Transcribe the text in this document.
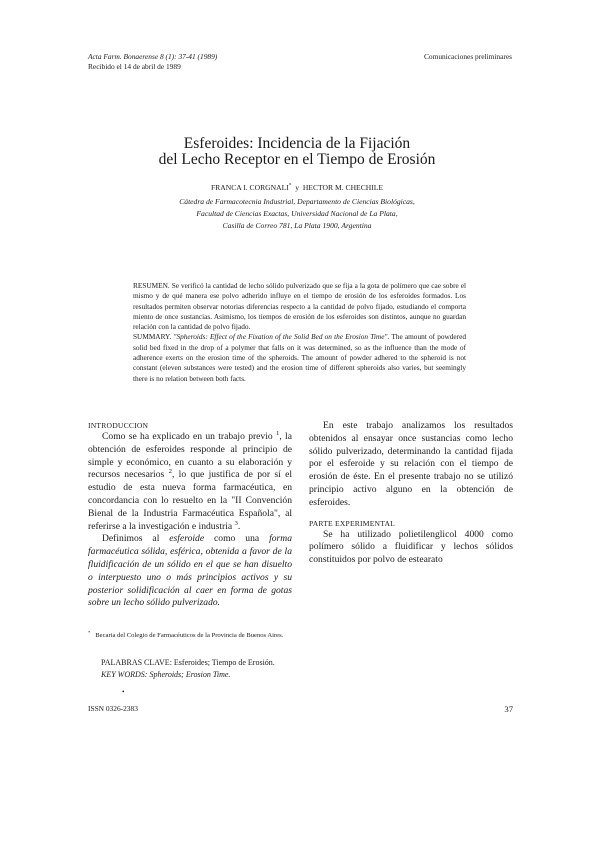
Acta Farm. Bonaerense 8 (1): 37-41 (1989)
Recibido el 14 de abril de 1989
Comunicaciones preliminares
Esferoides: Incidencia de la Fijación
del Lecho Receptor en el Tiempo de Erosión
FRANCA I. CORGNALI* y HECTOR M. CHECHILE
Cátedra de Farmacotecnia Industrial, Departamento de Ciencias Biológicas,
Facultad de Ciencias Exactas, Universidad Nacional de La Plata,
Casilla de Correo 781, La Plata 1900, Argentina
RESUMEN. Se verificó la cantidad de lecho sólido pulverizado que se fija a la gota de polímero que cae sobre el mismo y de qué manera ese polvo adherido influye en el tiempo de erosión de los esferoides formados. Los resultados permiten observar notorias diferencias respecto a la cantidad de polvo fijado, estudiando el comporta miento de once sustancias. Asimismo, los tiempos de erosión de los esferoides son distintos, aunque no guardan relación con la cantidad de polvo fijado.
SUMMARY. "Spheroids: Effect of the Fixation of the Solid Bed on the Erosion Time". The amount of powdered solid bed fixed in the drop of a polymer that falls on it was determined, so as the influence than the mode of adherence exerts on the erosion time of the spheroids. The amount of powder adhered to the spheroid is not constant (eleven substances were tested) and the erosion time of different spheroids also varies, but seemingly there is no relation between both facts.
INTRODUCCION

Como se ha explicado en un trabajo previo $^1$, la obtención de esferoides responde al principio de simple y económico, en cuanto a su elaboración y recursos necesarios $^2$, lo que justifica de por sí el estudio de esta nueva forma farmacéutica, en concordancia con lo resuelto en la "II Convención Bienal de la Industria Farmacéutica Española", al referirse a la investigación e industria $^3$.

Definimos al esferoide como una forma farmacéutica sólida, esférica, obtenida a favor de la fluidificación de un sólido en el que se han disuelto o interpuesto uno o más principios activos y su posterior solidificación al caer en forma de gotas sobre un lecho sólido pulverizado.

En este trabajo analizamos los resultados obtenidos al ensayar once sustancias como lecho sólido pulverizado, determinando la cantidad fijada por el esferoide y su relación con el tiempo de erosión de éste. En el presente trabajo no se utilizó principio activo alguno en la obtención de esferoides.

PARTE EXPERIMENTAL

Se ha utilizado polietilenglicol 4000 como polímero sólido a fluidificar y lechos sólidos constituidos por polvo de estearato

* Becaria del Colegio de Farmacéuticos de la Provincia de Buenos Aires.
PALABRAS CLAVE: Esferoides; Tiempo de Erosión.
KEY WORDS: Spheroids; Erosion Time.
•
ISSN 0326-2383	37
